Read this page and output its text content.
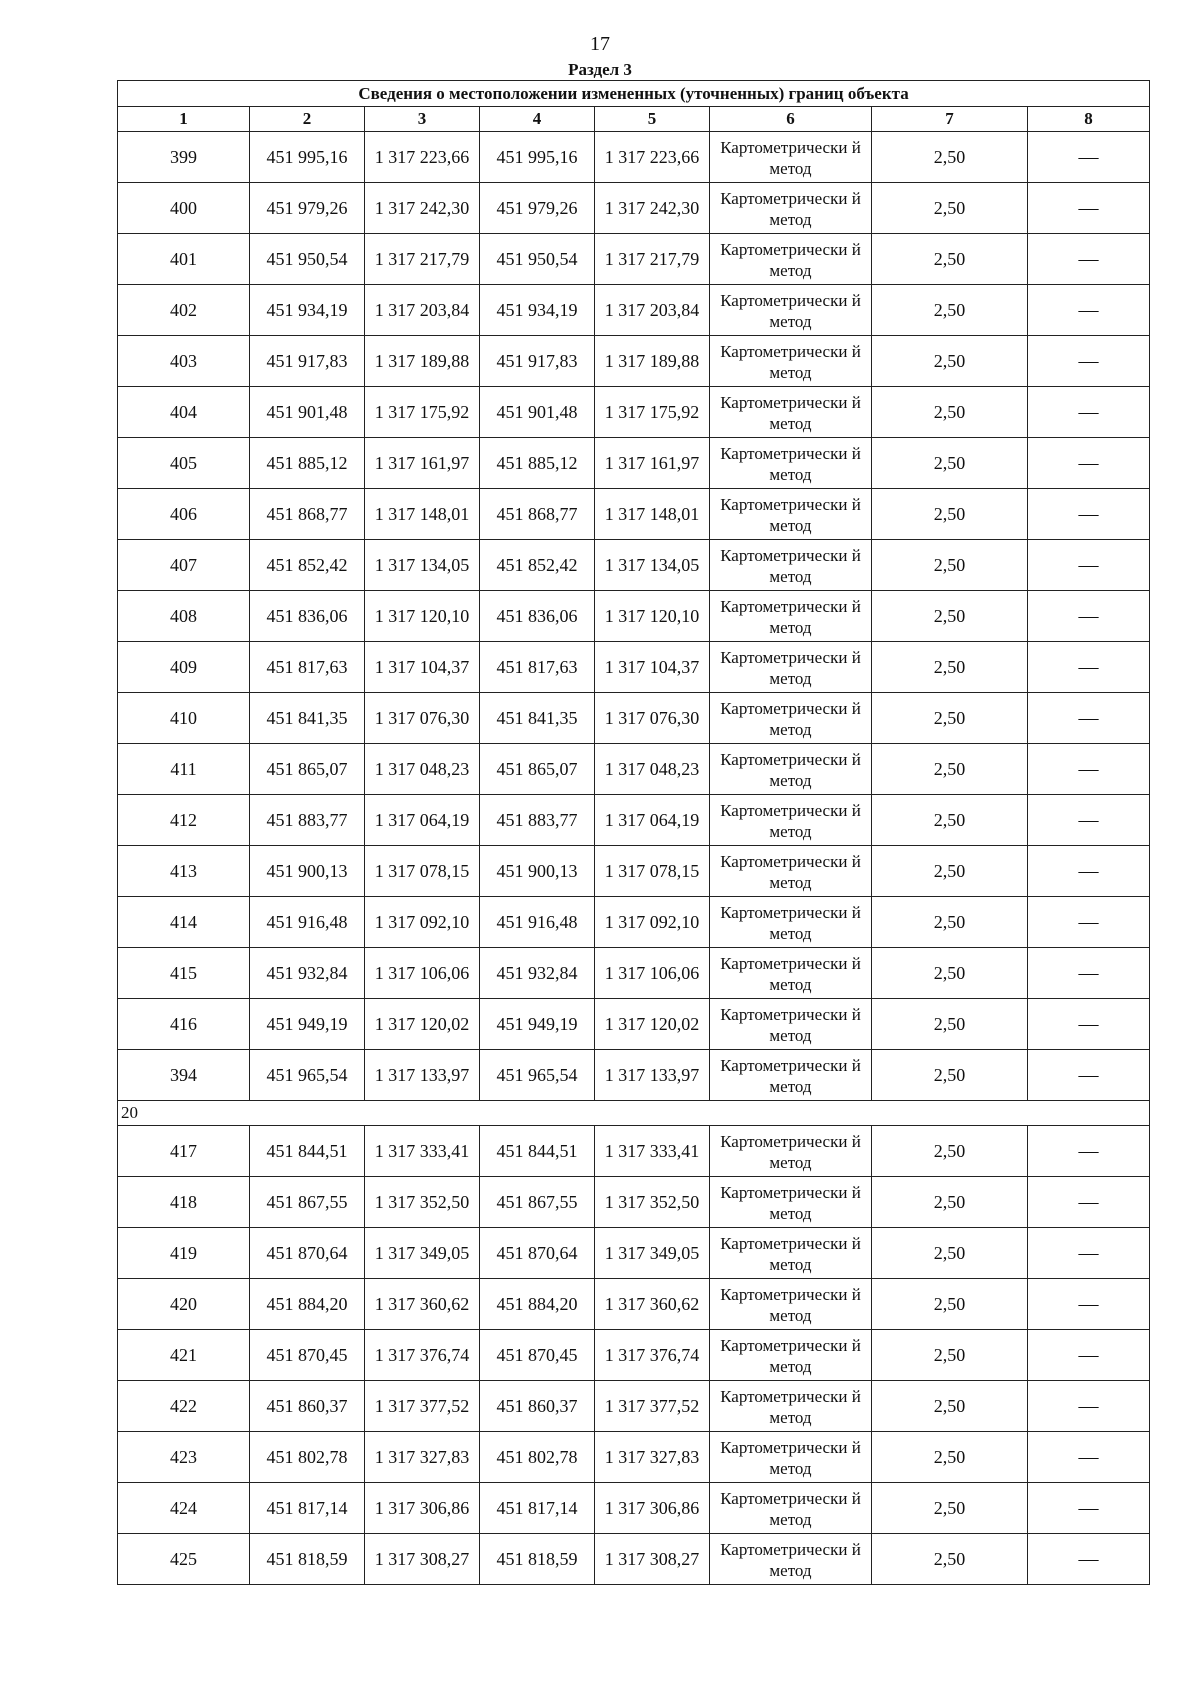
17
Раздел 3
Сведения о местоположении измененных (уточненных) границ объекта							
1	2	3	4	5	6	7	8
399	451 995,16	1 317 223,66	451 995,16	1 317 223,66	Картометрически й метод	2,50	—
400	451 979,26	1 317 242,30	451 979,26	1 317 242,30	Картометрически й метод	2,50	—
401	451 950,54	1 317 217,79	451 950,54	1 317 217,79	Картометрически й метод	2,50	—
402	451 934,19	1 317 203,84	451 934,19	1 317 203,84	Картометрически й метод	2,50	—
403	451 917,83	1 317 189,88	451 917,83	1 317 189,88	Картометрически й метод	2,50	—
404	451 901,48	1 317 175,92	451 901,48	1 317 175,92	Картометрически й метод	2,50	—
405	451 885,12	1 317 161,97	451 885,12	1 317 161,97	Картометрически й метод	2,50	—
406	451 868,77	1 317 148,01	451 868,77	1 317 148,01	Картометрически й метод	2,50	—
407	451 852,42	1 317 134,05	451 852,42	1 317 134,05	Картометрически й метод	2,50	—
408	451 836,06	1 317 120,10	451 836,06	1 317 120,10	Картометрически й метод	2,50	—
409	451 817,63	1 317 104,37	451 817,63	1 317 104,37	Картометрически й метод	2,50	—
410	451 841,35	1 317 076,30	451 841,35	1 317 076,30	Картометрически й метод	2,50	—
411	451 865,07	1 317 048,23	451 865,07	1 317 048,23	Картометрически й метод	2,50	—
412	451 883,77	1 317 064,19	451 883,77	1 317 064,19	Картометрически й метод	2,50	—
413	451 900,13	1 317 078,15	451 900,13	1 317 078,15	Картометрически й метод	2,50	—
414	451 916,48	1 317 092,10	451 916,48	1 317 092,10	Картометрически й метод	2,50	—
415	451 932,84	1 317 106,06	451 932,84	1 317 106,06	Картометрически й метод	2,50	—
416	451 949,19	1 317 120,02	451 949,19	1 317 120,02	Картометрически й метод	2,50	—
394	451 965,54	1 317 133,97	451 965,54	1 317 133,97	Картометрически й метод	2,50	—
20							
417	451 844,51	1 317 333,41	451 844,51	1 317 333,41	Картометрически й метод	2,50	—
418	451 867,55	1 317 352,50	451 867,55	1 317 352,50	Картометрически й метод	2,50	—
419	451 870,64	1 317 349,05	451 870,64	1 317 349,05	Картометрически й метод	2,50	—
420	451 884,20	1 317 360,62	451 884,20	1 317 360,62	Картометрически й метод	2,50	—
421	451 870,45	1 317 376,74	451 870,45	1 317 376,74	Картометрически й метод	2,50	—
422	451 860,37	1 317 377,52	451 860,37	1 317 377,52	Картометрически й метод	2,50	—
423	451 802,78	1 317 327,83	451 802,78	1 317 327,83	Картометрически й метод	2,50	—
424	451 817,14	1 317 306,86	451 817,14	1 317 306,86	Картометрически й метод	2,50	—
425	451 818,59	1 317 308,27	451 818,59	1 317 308,27	Картометрически й метод	2,50	—
